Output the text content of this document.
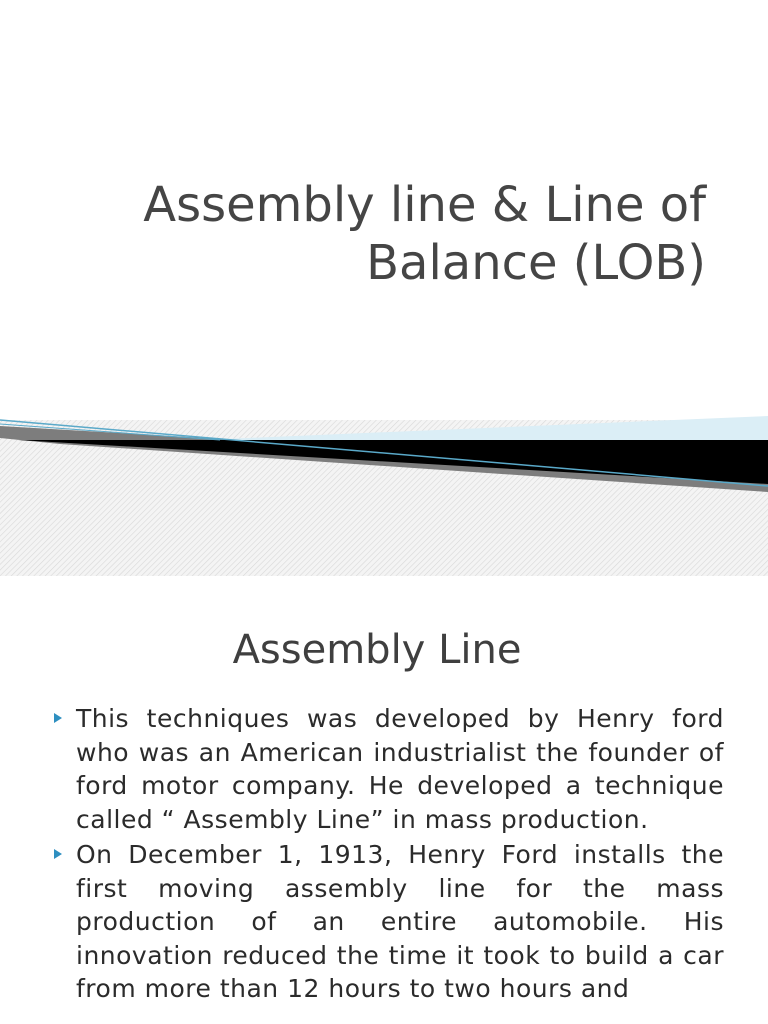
Assembly line & Line of
Balance (LOB)
Assembly Line
This techniques was developed by Henry ford who was an American industrialist the founder of ford motor company. He developed a technique called “ Assembly Line” in mass production.
On December 1, 1913, Henry Ford installs the first moving assembly line for the mass production of an entire automobile. His innovation reduced the time it took to build a car from more than 12 hours to two hours and
